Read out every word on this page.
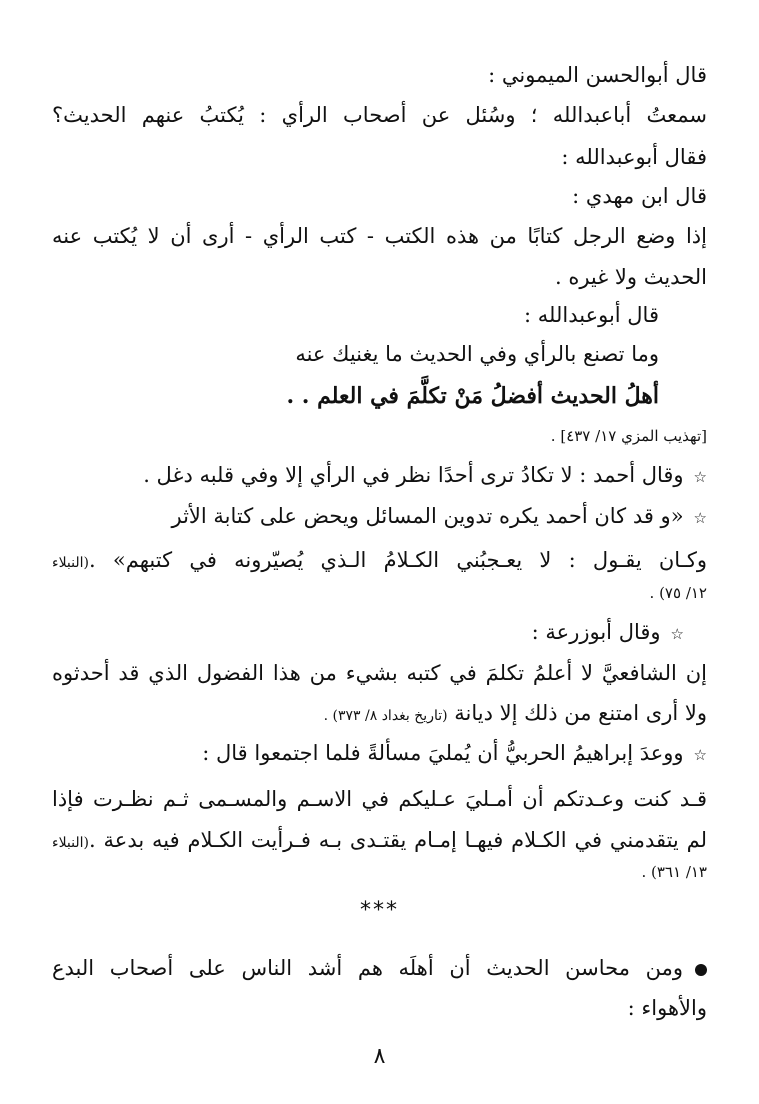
قال أبوالحسن الميموني :
سمعتُ أباعبدالله ؛ وسُئل عن أصحاب الرأي : يُكتبُ عنهم الحديث؟
فقال أبوعبدالله :
قال ابن مهدي :
إذا وضع الرجل كتابًا من هذه الكتب - كتب الرأي - أرى أن لا يُكتب عنه
الحديث ولا غيره .
قال أبوعبدالله :
وما تصنع بالرأي وفي الحديث ما يغنيك عنه
أهلُ الحديث أفضلُ مَنْ تكلَّمَ في العلم . .
[تهذيب المزي ١٧/ ٤٣٧] .
☆وقال أحمد : لا تكادُ ترى أحدًا نظر في الرأي إلا وفي قلبه دغل .
☆«و قد كان أحمد يكره تدوين المسائل ويحض على كتابة الأثر
وكـان يقـول : لا يعـجبُني الكـلامُ الـذي يُصيّرونه في كتبهم» .(النبلاء
١٢/ ٧٥) .
☆وقال أبوزرعة :
إن الشافعيَّ لا أعلمُ تكلمَ في كتبه بشيء من هذا الفضول الذي قد أحدثوه
ولا أرى امتنع من ذلك إلا ديانة (تاريخ بغداد ٨/ ٣٧٣) .
☆ووعدَ إبراهيمُ الحربيُّ أن يُمليَ مسألةً فلما اجتمعوا قال :
قـد كنت وعـدتكم أن أمـليَ عـليكم في الاسـم والمسـمى ثـم نظـرت فإذا
لم يتقدمني في الكـلام فيهـا إمـام يقتـدى بـه فـرأيت الكـلام فيه بدعة .(النبلاء
١٣/ ٣٦١) .
***
ومن محاسن الحديث أن أهلَه هم أشد الناس على أصحاب البدع
والأهواء :
٨
